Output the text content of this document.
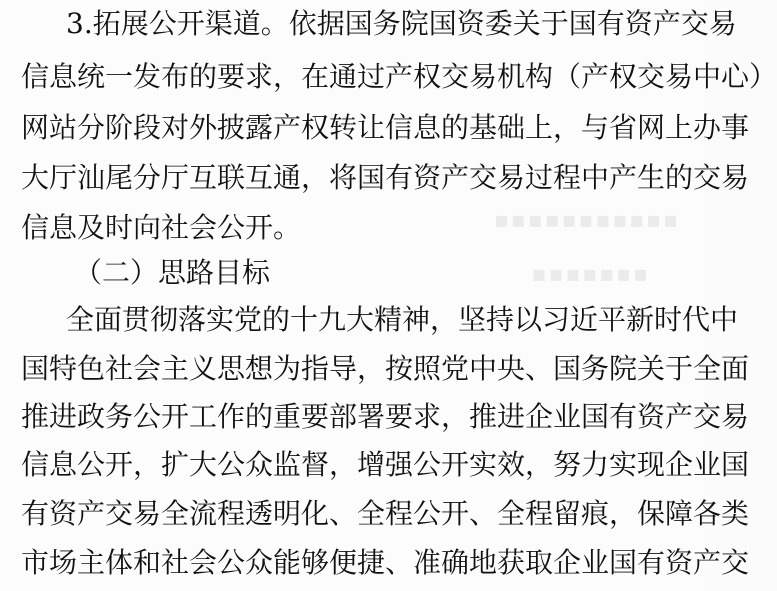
▪▪▪▪▪▪▪▪▪▪▪
▪▪▪▪▪▪▪
3.拓展公开渠道。依据国务院国资委关于国有资产交易
信息统一发布的要求，在通过产权交易机构（产权交易中心）
网站分阶段对外披露产权转让信息的基础上，与省网上办事
大厅汕尾分厅互联互通，将国有资产交易过程中产生的交易
信息及时向社会公开。
（二）思路目标
全面贯彻落实党的十九大精神，坚持以习近平新时代中
国特色社会主义思想为指导，按照党中央、国务院关于全面
推进政务公开工作的重要部署要求，推进企业国有资产交易
信息公开，扩大公众监督，增强公开实效，努力实现企业国
有资产交易全流程透明化、全程公开、全程留痕，保障各类
市场主体和社会公众能够便捷、准确地获取企业国有资产交
